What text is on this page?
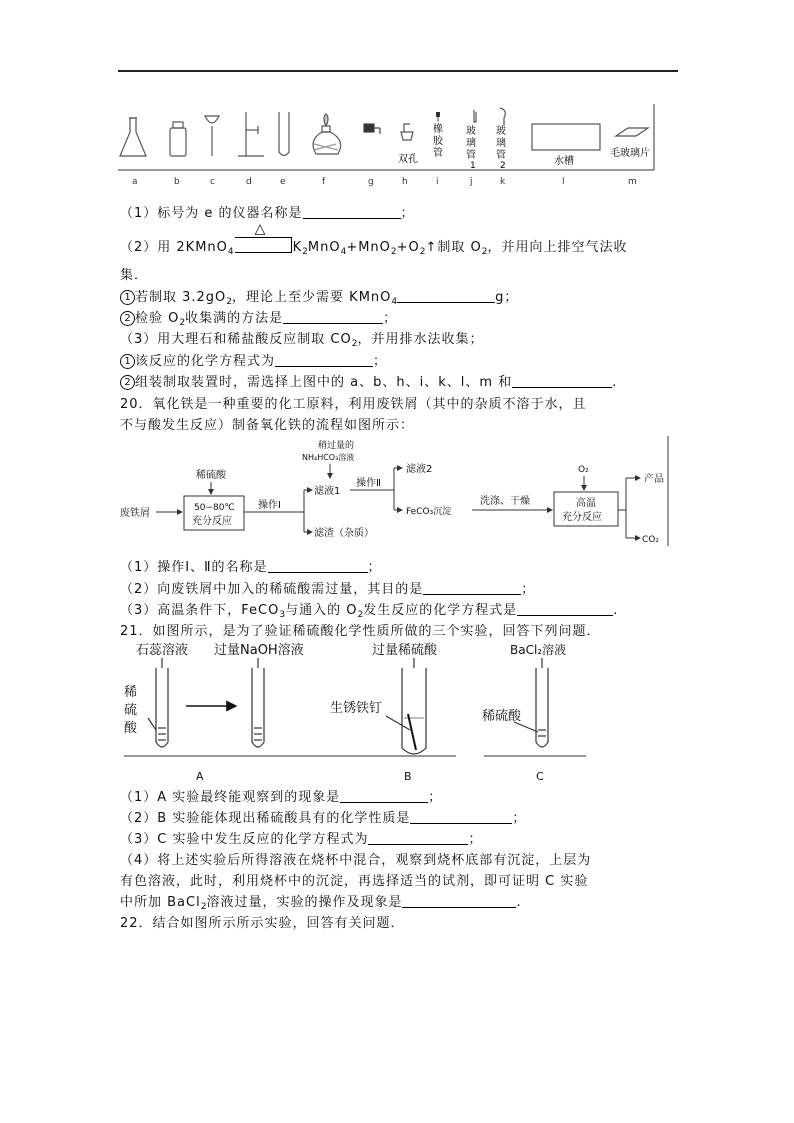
双孔
橡胶管
玻璃管
1
玻璃管
2	水槽
毛玻璃片
a	b	c	d	e	f	g	h	i	j	k	l	m
（1）标号为 e 的仪器名称是	；
（2）用 2KMnO$_4$
△
$K_2MnO_4+MnO_2+O_2↑$制取 $O_2$，并用向上排空气法收
集．
1 若制取 $3.2gO_2$，理论上至少需要 KMnO$_4$	g；
2 检验 $O_2$收集满的方法是	；
（3）用大理石和稀盐酸反应制取 $CO_2$，并用排水法收集；
1 该反应的化学方程式为	；
2 组装制取装置时，需选择上图中的 a、b、h、i、k、l、m 和	.
20．氧化铁是一种重要的化工原料，利用废铁屑（其中的杂质不溶于水，且
不与酸发生反应）制备氧化铁的流程如图所示：
废铁屑
稀硫酸
50−80℃
充分反应
操作Ⅰ
稍过量的
NH₄HCO₃溶液
滤液1
滤渣（杂质）
操作Ⅱ
滤液2
FeCO₃沉淀
洗涤、干燥
O₂
高温
充分反应
产品
CO₂
（1）操作Ⅰ、Ⅱ的名称是	；
（2）向废铁屑中加入的稀硫酸需过量，其目的是	；
（3）高温条件下，FeCO$_3$与通入的 $O_2$发生反应的化学方程式是	.
21．如图所示，是为了验证稀硫酸化学性质所做的三个实验，回答下列问题．
石蕊溶液 过量NaOH溶液	过量稀硫酸	BaCl₂溶液
稀
硫
酸
生锈铁钉
稀硫酸
A	B	C
（1）A 实验最终能观察到的现象是	；
（2）B 实验能体现出稀硫酸具有的化学性质是	；
（3）C 实验中发生反应的化学方程式为	；
（4）将上述实验后所得溶液在烧杯中混合，观察到烧杯底部有沉淀，上层为
有色溶液，此时，利用烧杯中的沉淀，再选择适当的试剂，即可证明 C 实验
中所加 BaCl$_2$溶液过量，实验的操作及现象是	.
22．结合如图所示所示实验，回答有关问题．
